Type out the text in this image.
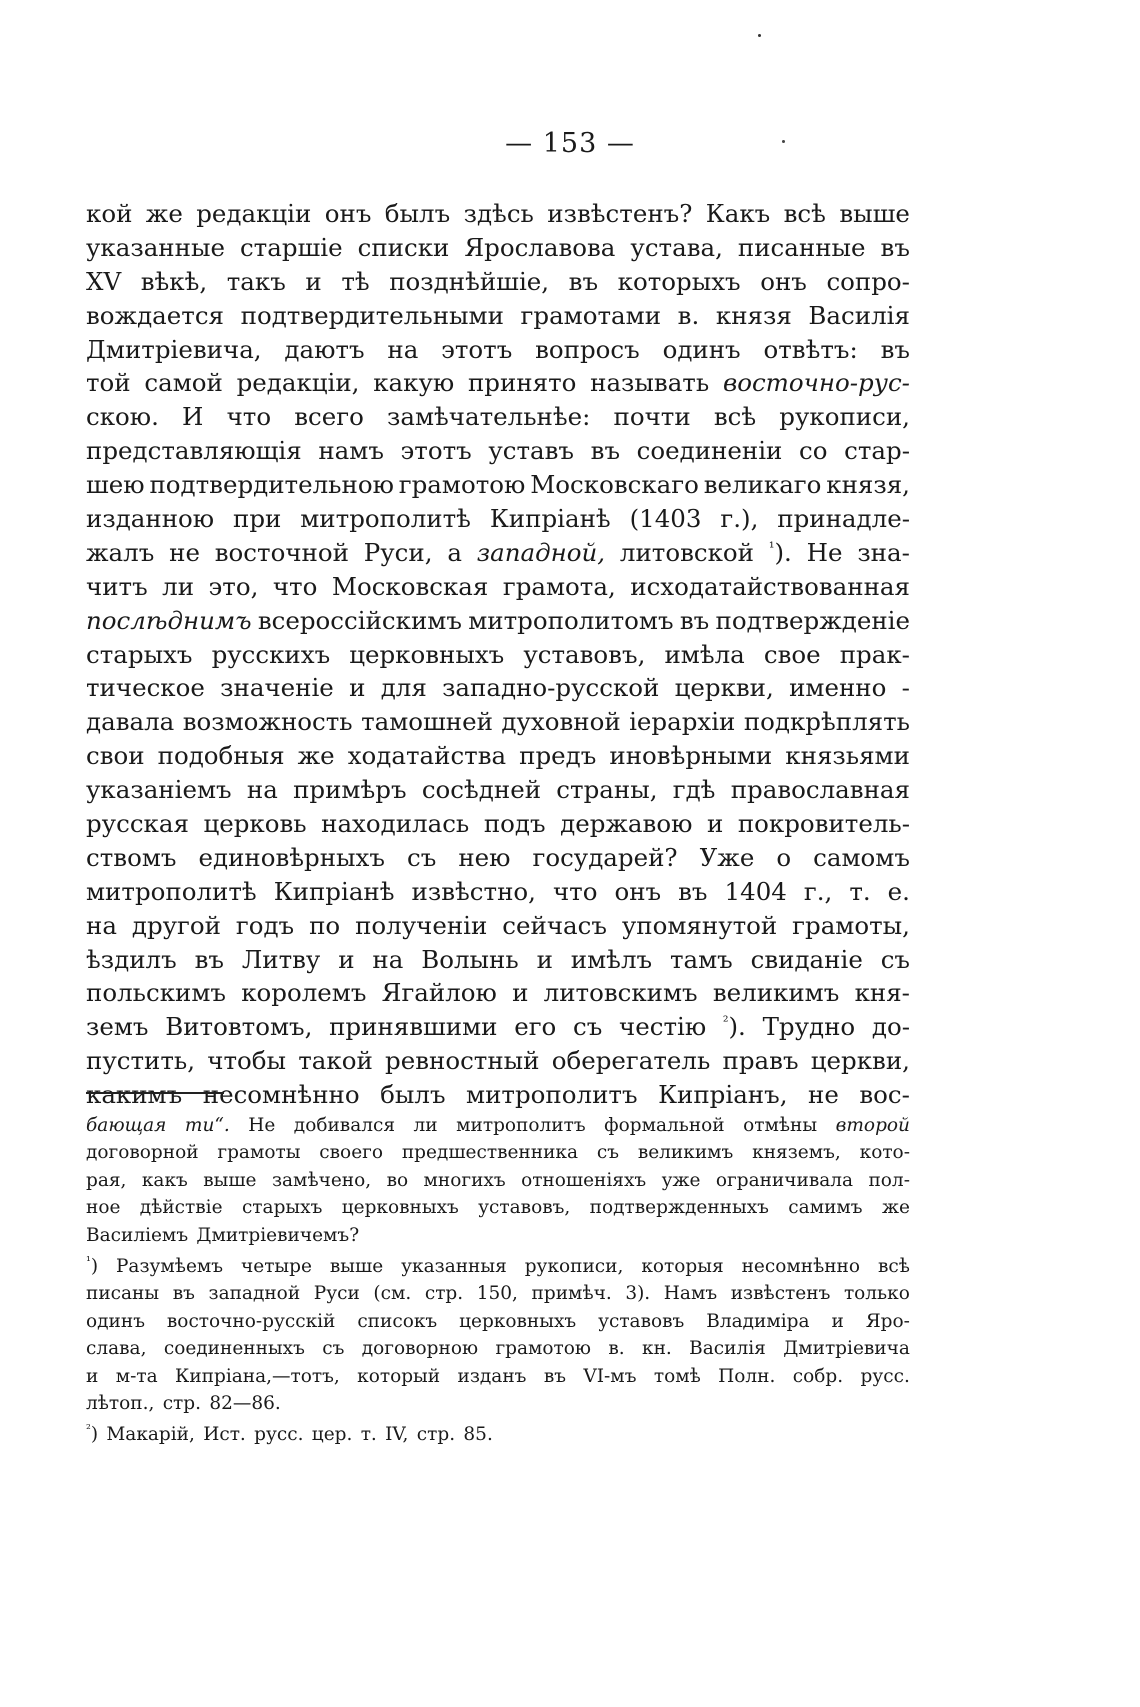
— 153 —
кой же редакціи онъ былъ здѣсь извѣстенъ? Какъ всѣ выше
указанные старшіе списки Ярославова устава, писанные въ
XV вѣкѣ, такъ и тѣ позднѣйшіе, въ которыхъ онъ сопро-
вождается подтвердительными грамотами в. князя Василія
Дмитріевича, даютъ на этотъ вопросъ одинъ отвѣтъ: въ
той самой редакціи, какую принято называть восточно-рус-
скою. И что всего замѣчательнѣе: почти всѣ рукописи,
представляющія намъ этотъ уставъ въ соединеніи со стар-
шею подтвердительною грамотою Московскаго великаго князя,
изданною при митрополитѣ Кипріанѣ (1403 г.), принадле-
жалъ не восточной Руси, а западной, литовской $^{^1}$). Не зна-
читъ ли это, что Московская грамота, исходатайствованная
послѣднимъ всероссійскимъ митрополитомъ въ подтвержденіе
старыхъ русскихъ церковныхъ уставовъ, имѣла свое прак-
тическое значеніе и для западно-русской церкви, именно -
давала возможность тамошней духовной іерархіи подкрѣплять
свои подобныя же ходатайства предъ иновѣрными князьями
указаніемъ на примѣръ сосѣдней страны, гдѣ православная
русская церковь находилась подъ державою и покровитель-
ствомъ единовѣрныхъ съ нею государей? Уже о самомъ
митрополитѣ Кипріанѣ извѣстно, что онъ въ 1404 г., т. е.
на другой годъ по полученіи сейчасъ упомянутой грамоты,
ѣздилъ въ Литву и на Волынь и имѣлъ тамъ свиданіе съ
польскимъ королемъ Ягайлою и литовскимъ великимъ кня-
земъ Витовтомъ, принявшими его съ честію $^{^2}$). Трудно до-
пустить, чтобы такой ревностный оберегатель правъ церкви,
какимъ несомнѣнно былъ митрополитъ Кипріанъ, не вос-
бающая ти“. Не добивался ли митрополитъ формальной отмѣны второй
договорной грамоты своего предшественника съ великимъ княземъ, кото-
рая, какъ выше замѣчено, во многихъ отношеніяхъ уже ограничивала пол-
ное дѣйствіе старыхъ церковныхъ уставовъ, подтвержденныхъ самимъ же
Василіемъ Дмитріевичемъ?
$^{^1}$) Разумѣемъ четыре выше указанныя рукописи, которыя несомнѣнно всѣ
писаны въ западной Руси (см. стр. 150, примѣч. 3). Намъ извѣстенъ только
одинъ восточно-русскій списокъ церковныхъ уставовъ Владиміра и Яро-
слава, соединенныхъ съ договорною грамотою в. кн. Василія Дмитріевича
и м-та Кипріана,—тотъ, который изданъ въ VI-мъ томѣ Полн. собр. русс.
лѣтоп., стр. 82—86.
$^{^2}$) Макарій, Ист. русс. цер. т. IV, стр. 85.
